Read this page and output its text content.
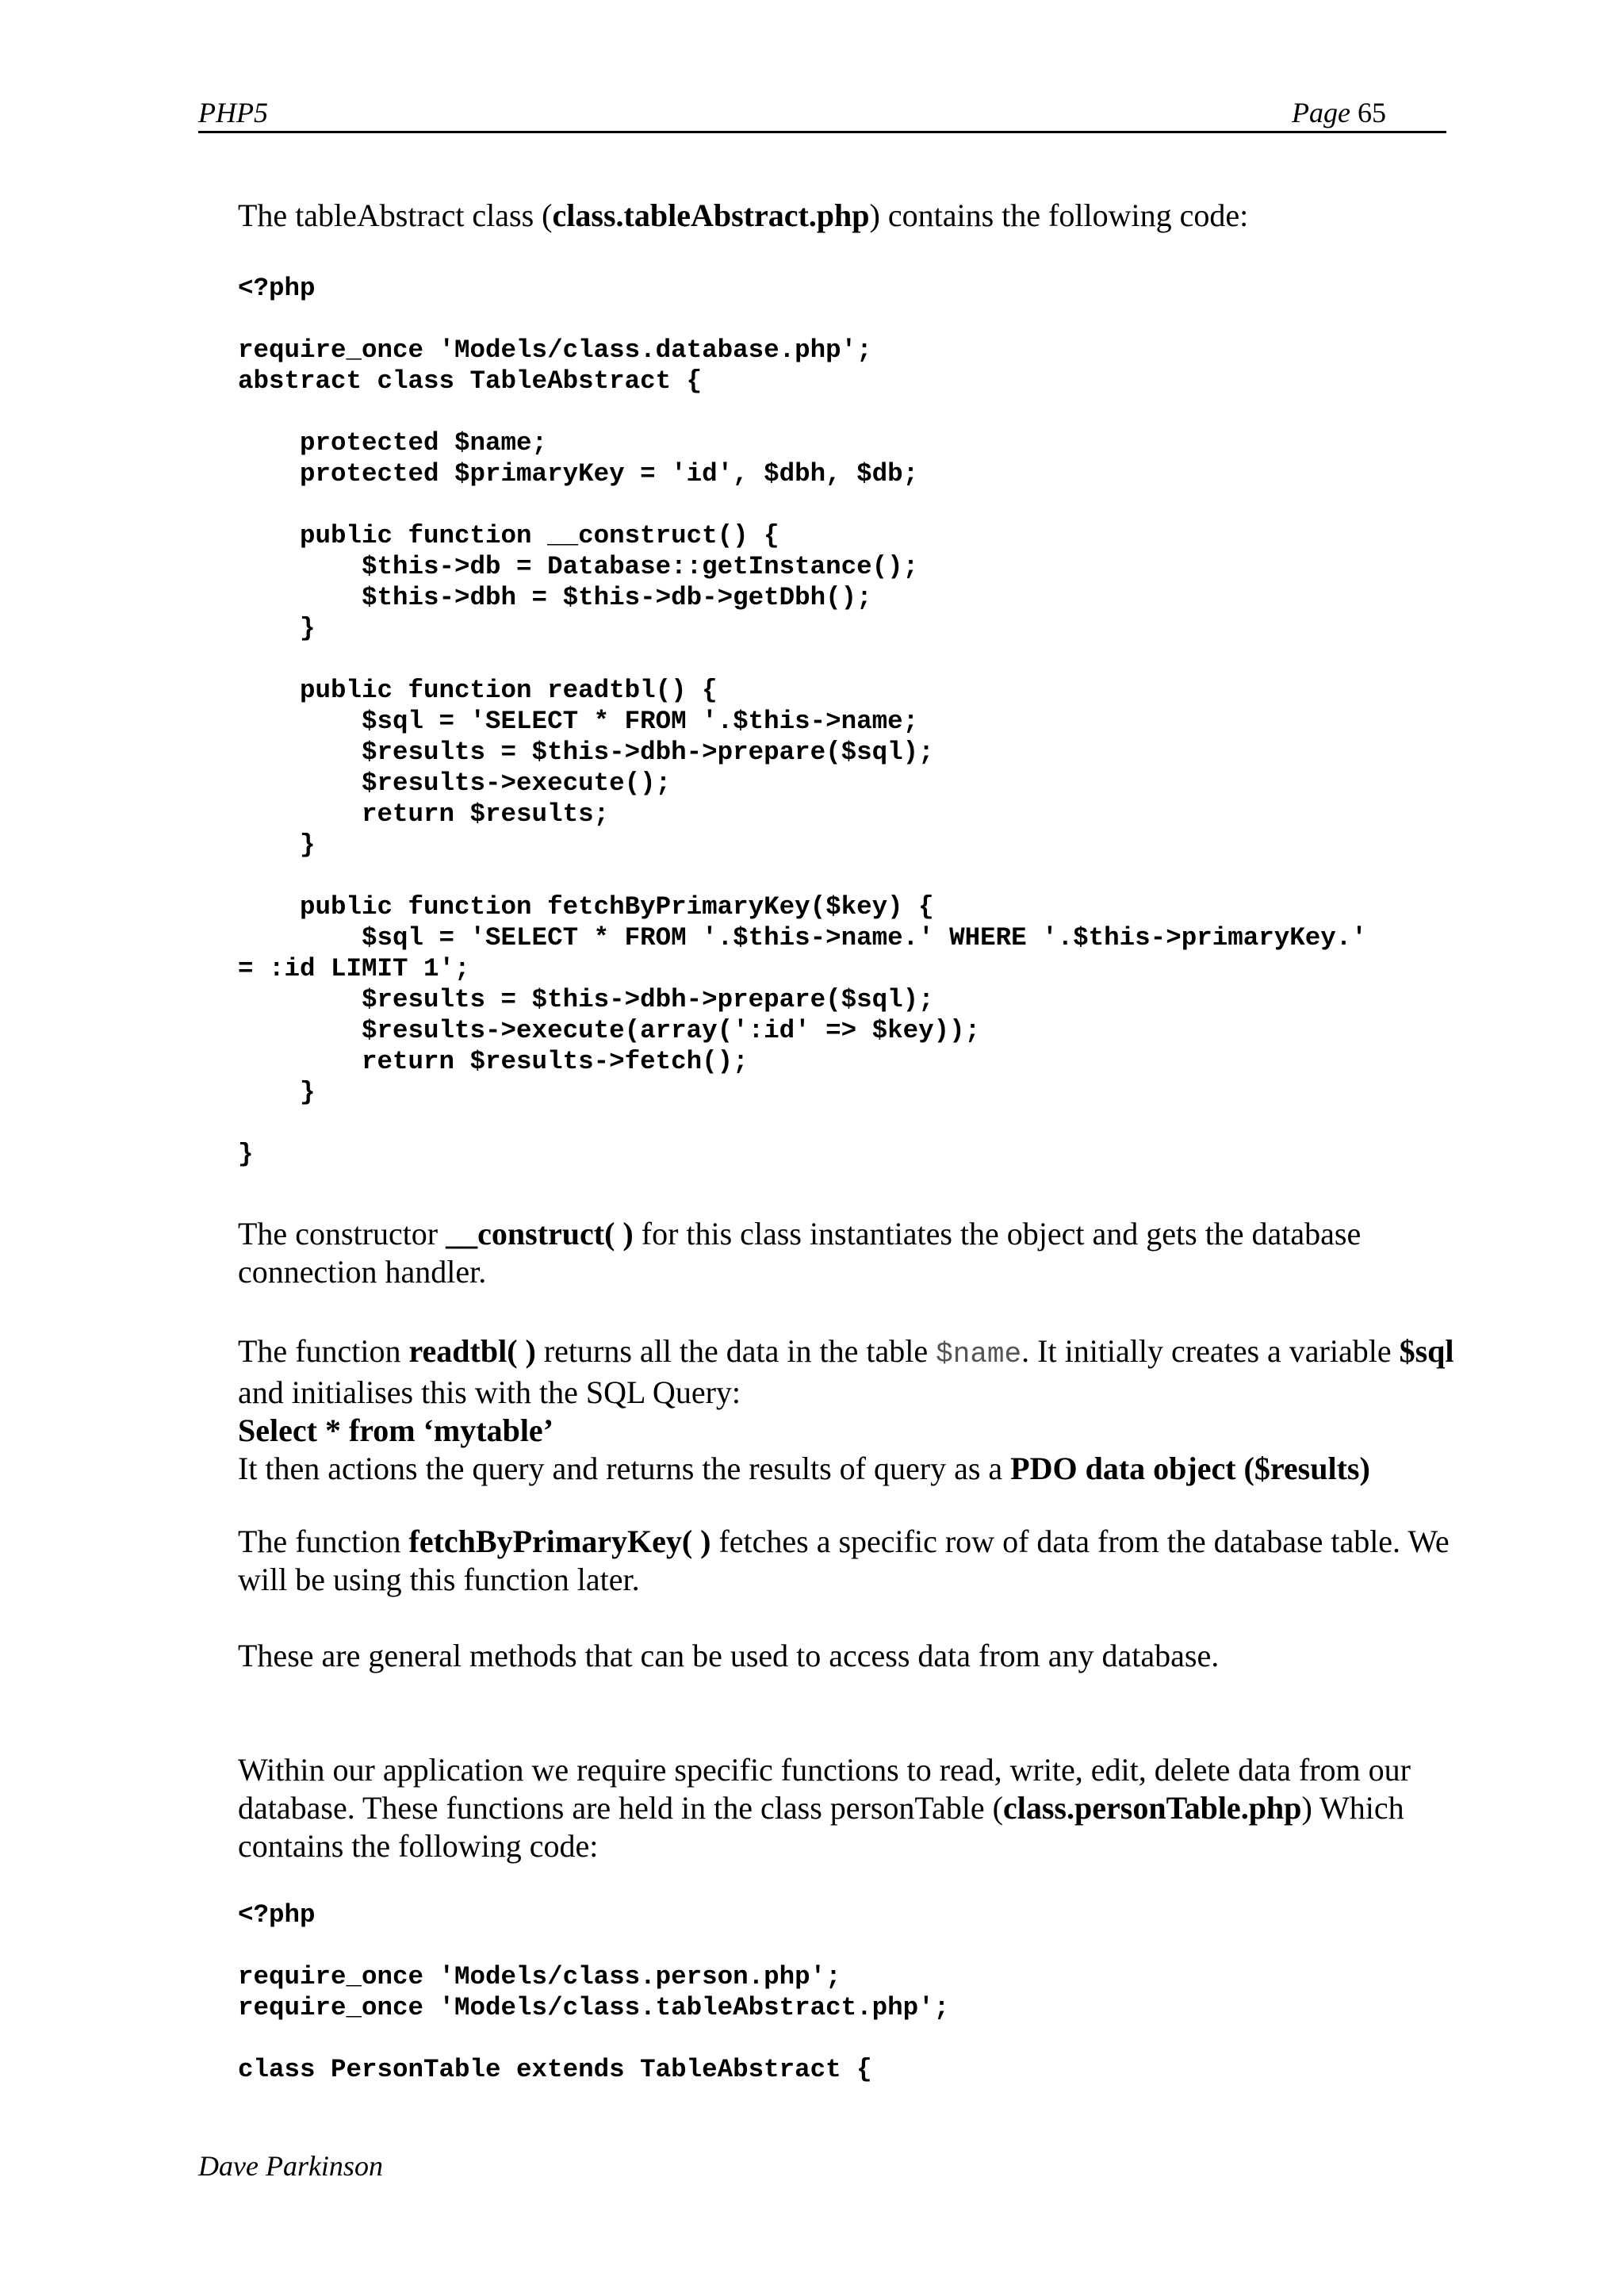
PHP5	Page 65

The tableAbstract class (class.tableAbstract.php) contains the following code:

<?php

require_once 'Models/class.database.php';
abstract class TableAbstract {

protected $name;
protected $primaryKey = 'id', $dbh, $db;

public function __construct() {
$this->db = Database::getInstance();
$this->dbh = $this->db->getDbh();
}

public function readtbl() {
$sql = 'SELECT * FROM '.$this->name;
$results = $this->dbh->prepare($sql);
$results->execute();
return $results;
}

public function fetchByPrimaryKey($key) {
$sql = 'SELECT * FROM '.$this->name.' WHERE '.$this->primaryKey.'
= :id LIMIT 1';
$results = $this->dbh->prepare($sql);
$results->execute(array(':id' => $key));
return $results->fetch();
}

}

The constructor __construct( ) for this class instantiates the object and gets the database connection handler.

The function readtbl( ) returns all the data in the table $name. It initially creates a variable $sql and initialises this with the SQL Query:
Select * from ‘mytable’
It then actions the query and returns the results of query as a PDO data object ($results)

The function fetchByPrimaryKey( ) fetches a specific row of data from the database table. We will be using this function later.

These are general methods that can be used to access data from any database.

Within our application we require specific functions to read, write, edit, delete data from our database. These functions are held in the class personTable (class.personTable.php) Which contains the following code:

<?php

require_once 'Models/class.person.php';
require_once 'Models/class.tableAbstract.php';

class PersonTable extends TableAbstract {
Dave Parkinson
